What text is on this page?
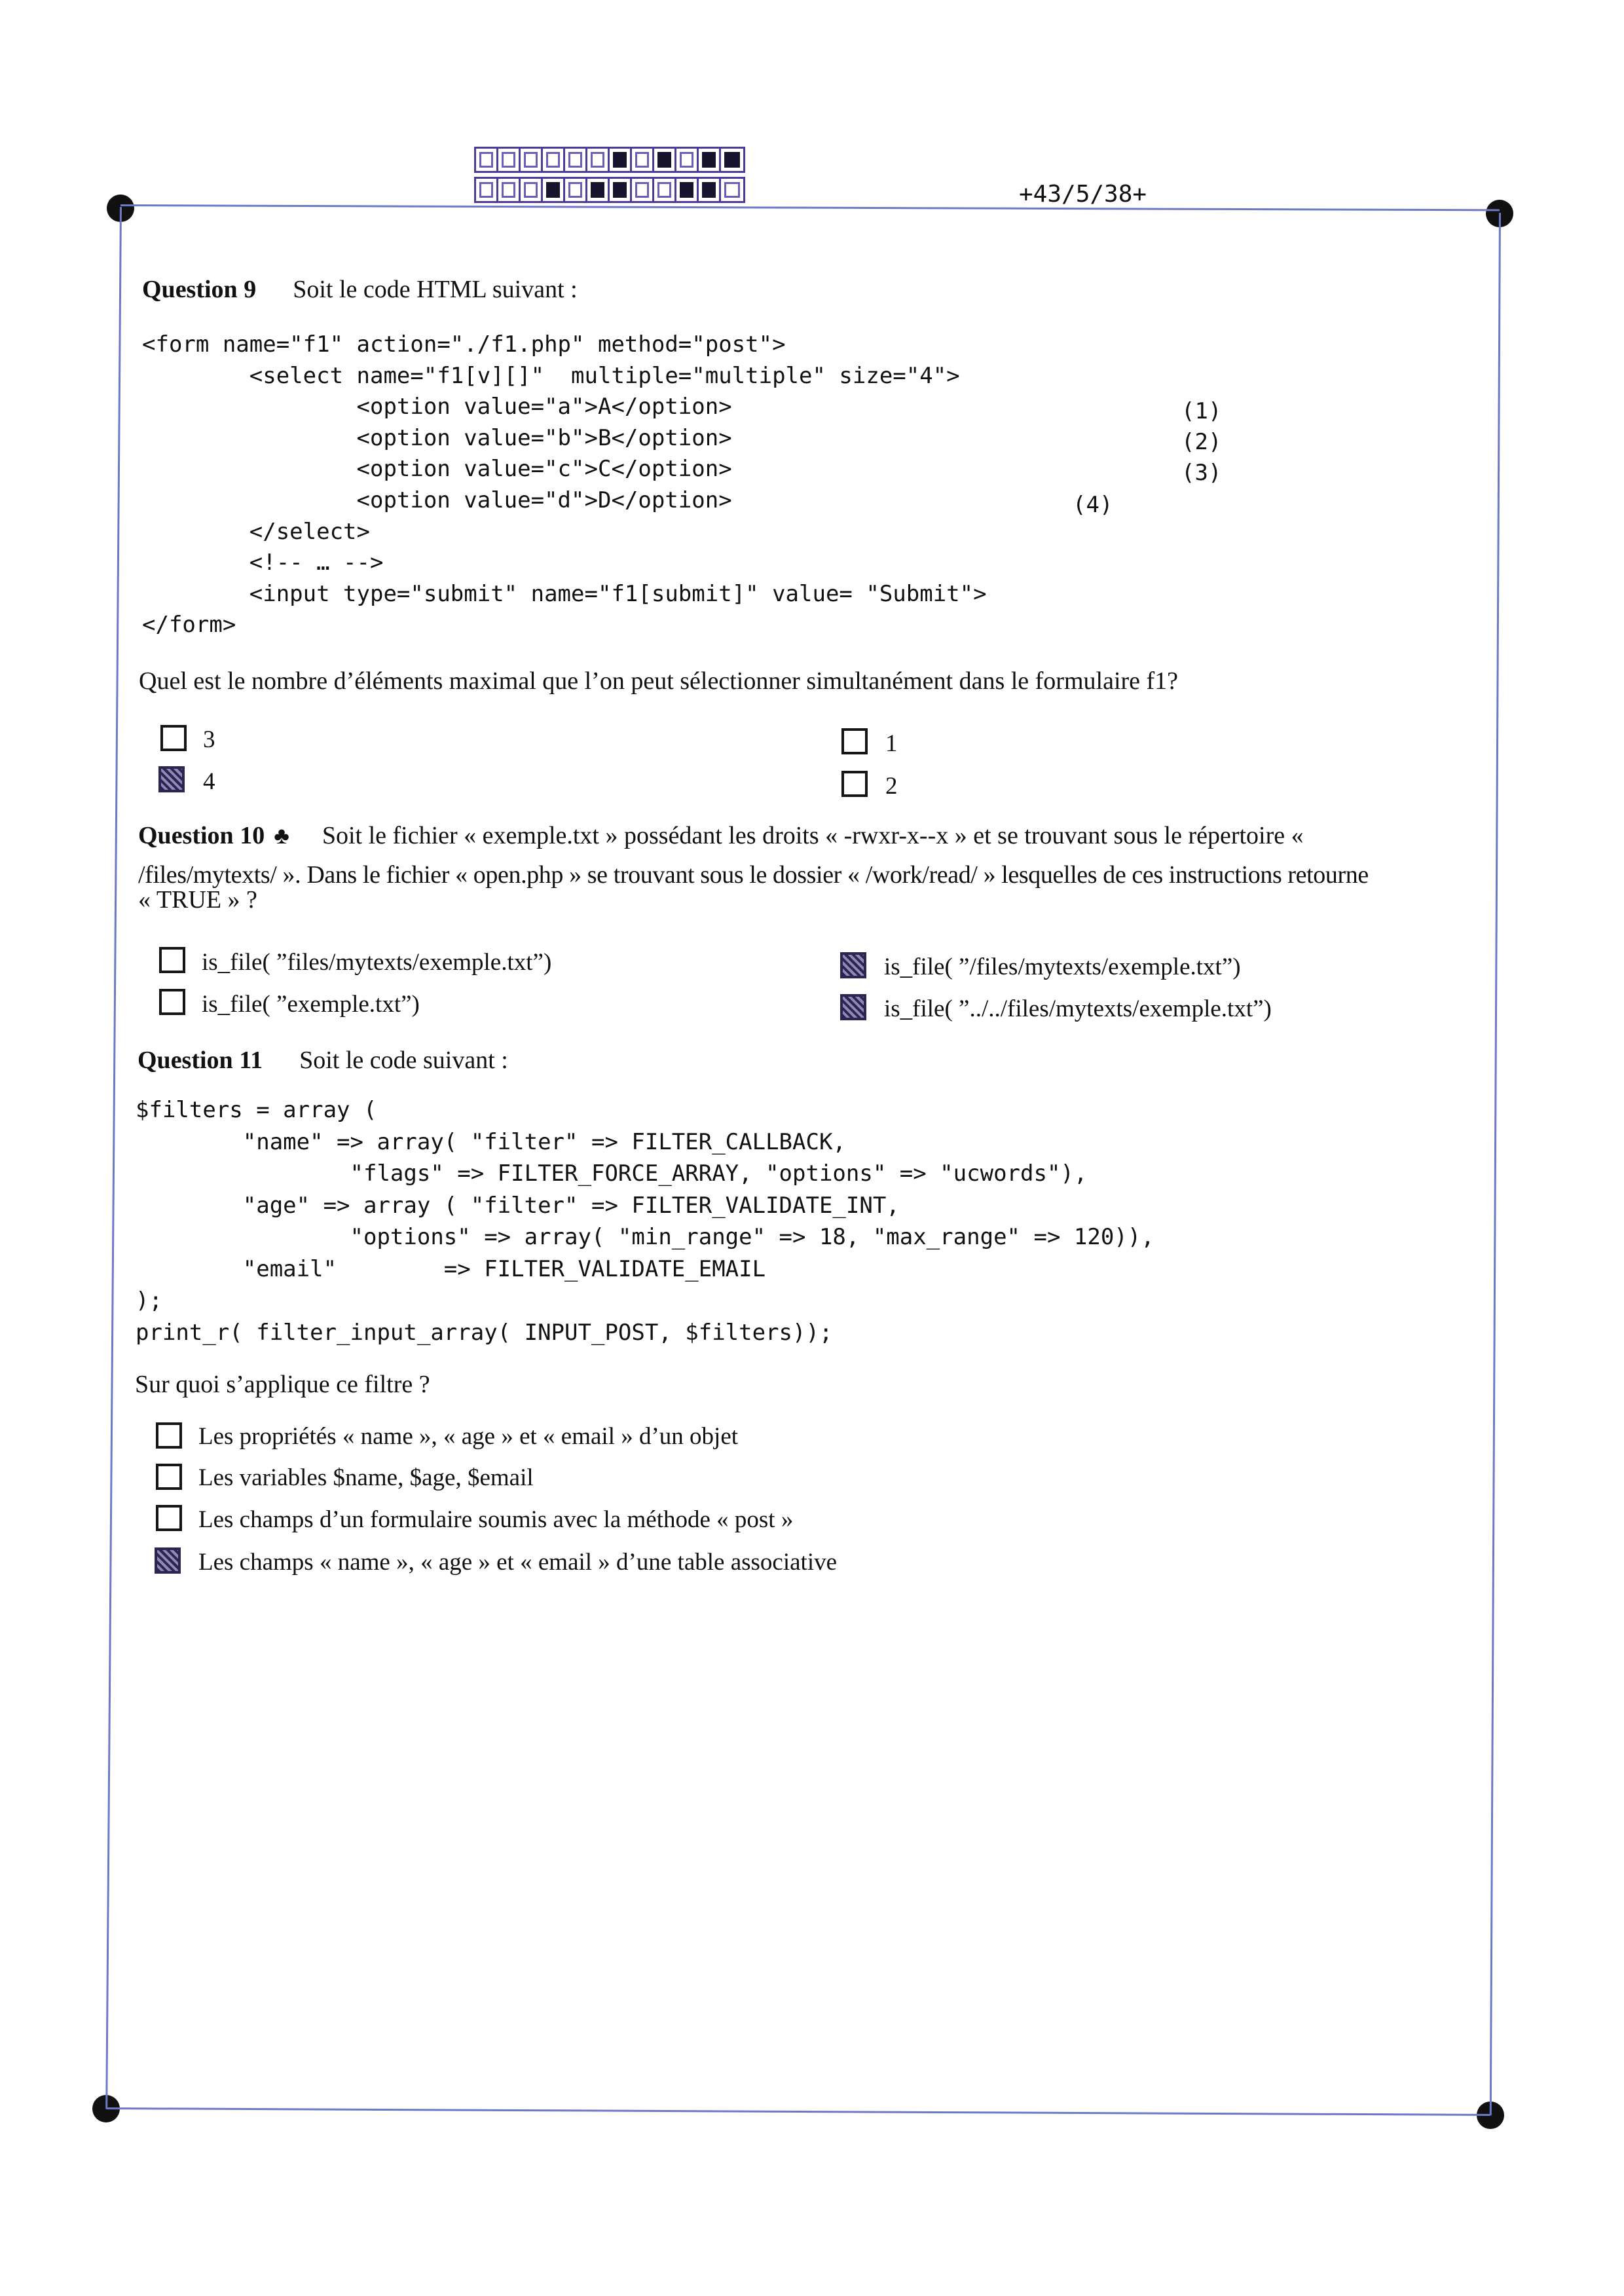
+43/5/38+
Question 9 Soit le code HTML suivant :
<form name="f1" action="./f1.php" method="post">
<select name="f1[v][]"  multiple="multiple" size="4">
<option value="a">A</option>
<option value="b">B</option>
<option value="c">C</option>
<option value="d">D</option>
</select>
<!-- … -->
<input type="submit" name="f1[submit]" value= "Submit">
</form>
(1)
(2)
(3)
(4)
Quel est le nombre d’éléments maximal que l’on peut sélectionner simultanément dans le formulaire f1?
3
4
1
2
Question 10 ♣ Soit le fichier « exemple.txt » possédant les droits « -rwxr-x--x » et se trouvant sous le répertoire «
/files/mytexts/ ». Dans le fichier « open.php » se trouvant sous le dossier « /work/read/ » lesquelles de ces instructions retourne
« TRUE » ?
is_file( ”files/mytexts/exemple.txt”)
is_file( ”exemple.txt”)
is_file( ”/files/mytexts/exemple.txt”)
is_file( ”../../files/mytexts/exemple.txt”)
Question 11 Soit le code suivant :
$filters = array (
"name" => array( "filter" => FILTER_CALLBACK,
"flags" => FILTER_FORCE_ARRAY, "options" => "ucwords"),
"age" => array ( "filter" => FILTER_VALIDATE_INT,
"options" => array( "min_range" => 18, "max_range" => 120)),
"email"        => FILTER_VALIDATE_EMAIL
);
print_r( filter_input_array( INPUT_POST, $filters));
Sur quoi s’applique ce filtre ?
Les propriétés « name », « age » et « email » d’un objet
Les variables $name, $age, $email
Les champs d’un formulaire soumis avec la méthode « post »
Les champs « name », « age » et « email » d’une table associative
